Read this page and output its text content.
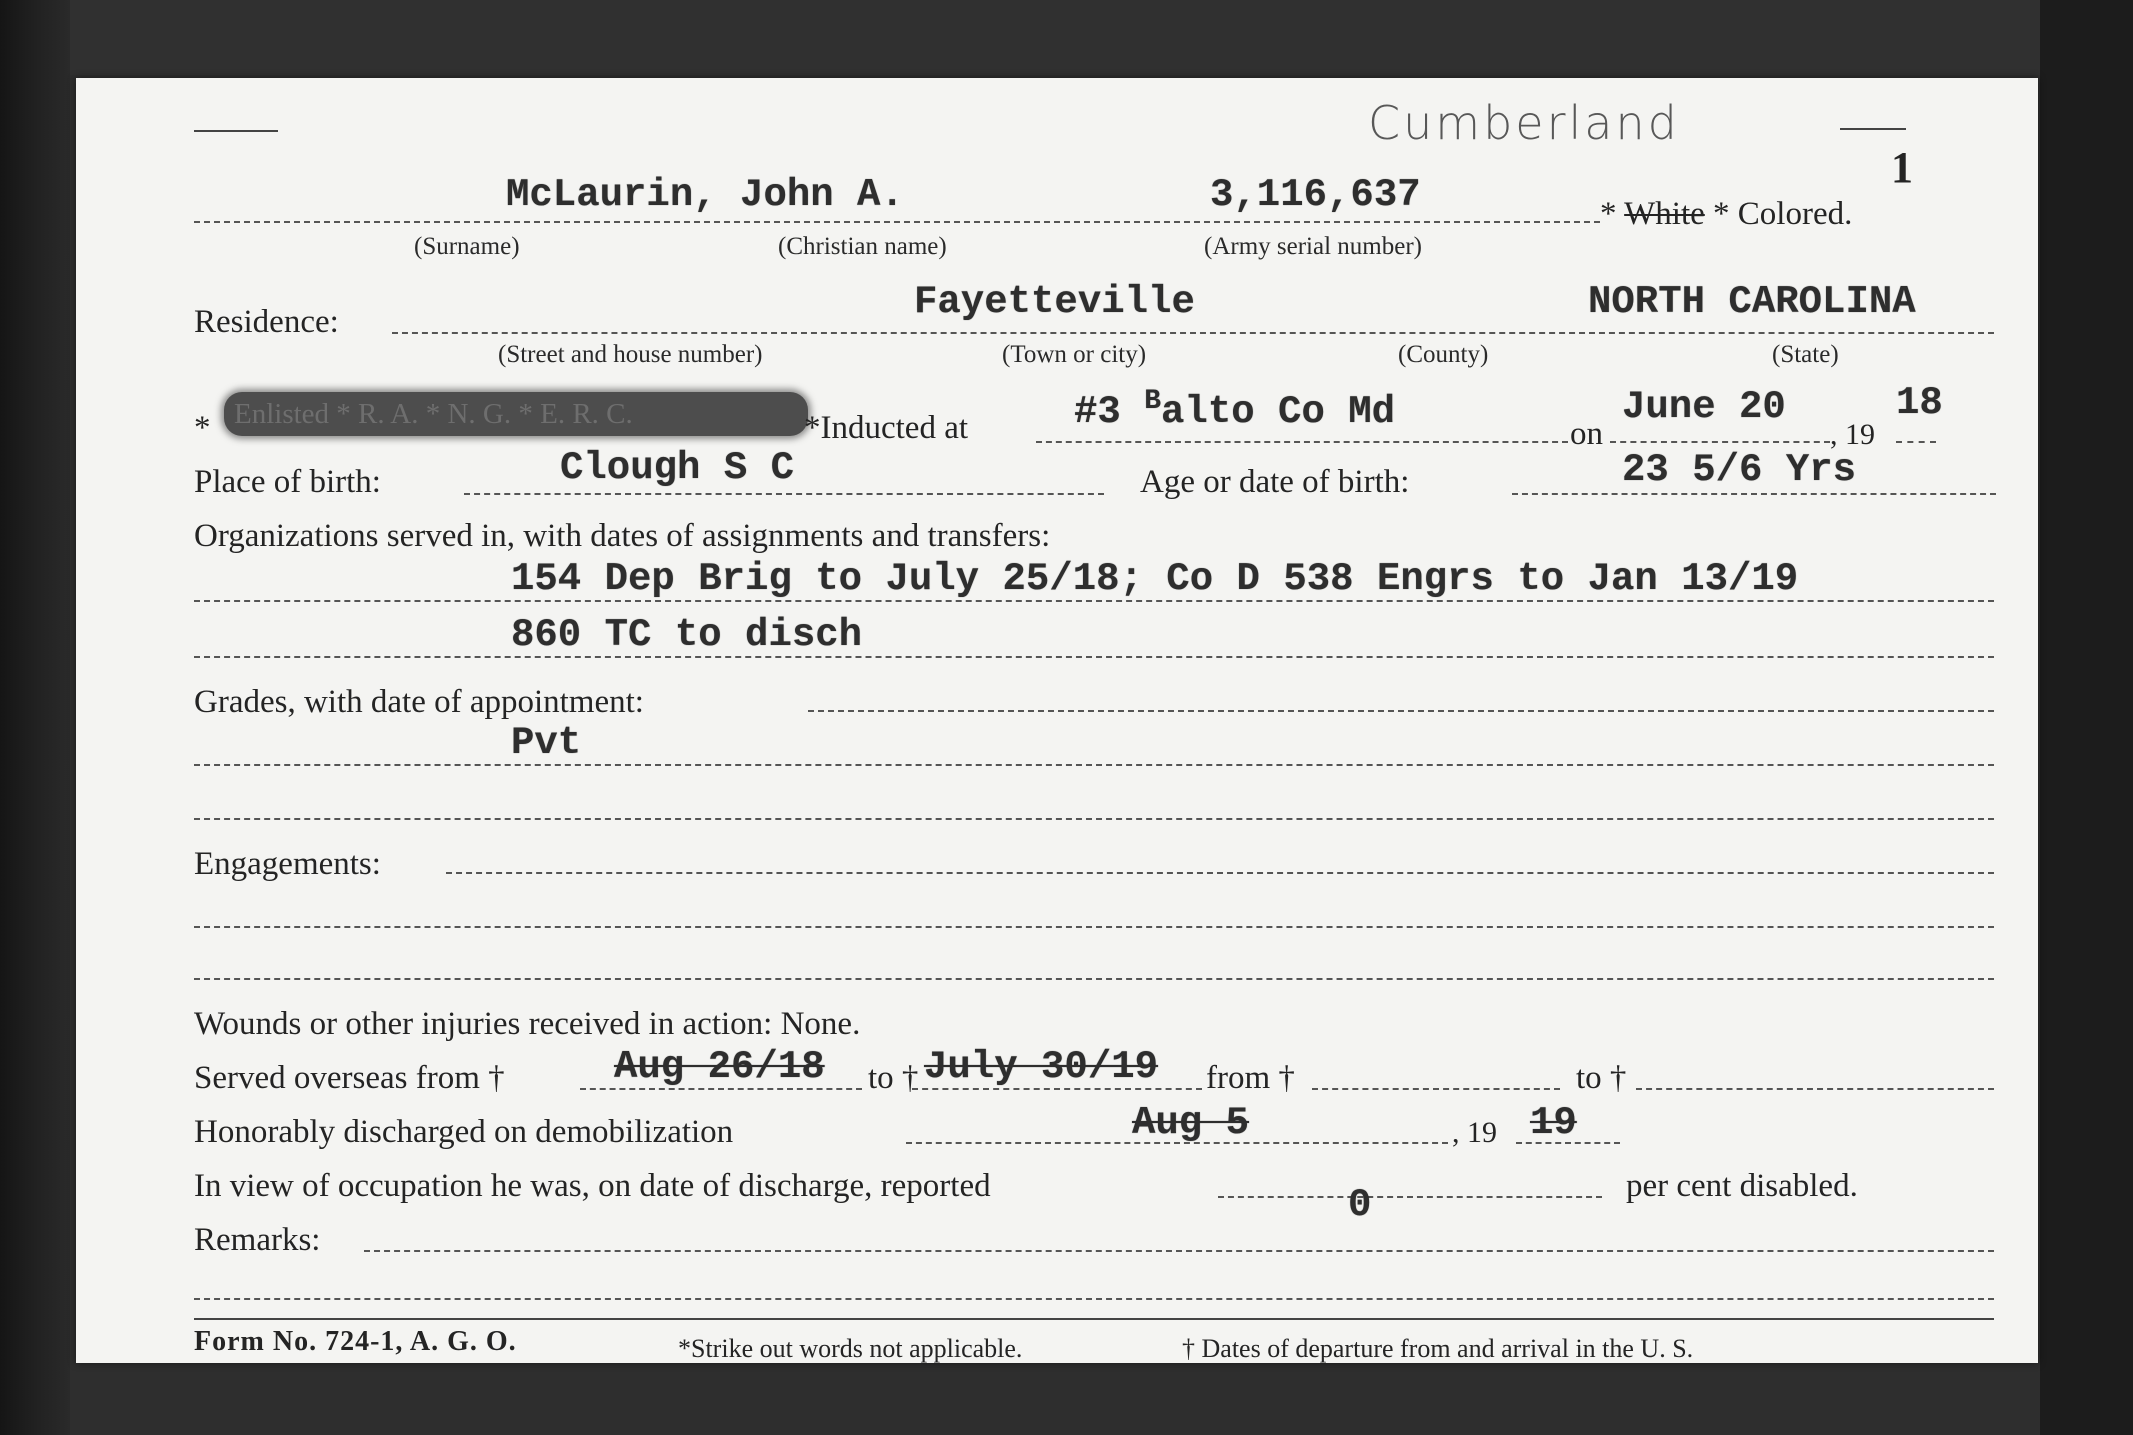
Cumberland
1
McLaurin, John A.	3,116,637	* White * Colored.
(Surname)	(Christian name)	(Army serial number)
Residence:	Fayetteville	NORTH CAROLINA
(Street and house number)	(Town or city)	(County)	(State)
* Enlisted * R. A. * N. G. * E. R. C.	*Inducted at	#3 $^B$alto Co Md	on
June 20
, 19
18
Place of birth:	Clough S C	Age or date of birth:	23 5/6 Yrs
Organizations served in, with dates of assignments and transfers:
154 Dep Brig to July 25/18; Co D 538 Engrs to Jan 13/19
860 TC to disch
Grades, with date of appointment:
Pvt
Engagements:
Wounds or other injuries received in action: None.
Served overseas from †	Aug 26/18 to † July 30/19 from †	to †
Honorably discharged on demobilization	Aug 5	, 19 19
In view of occupation he was, on date of discharge, reported	0	per cent disabled.
Remarks:
Form No. 724-1, A. G. O.	*Strike out words not applicable.	† Dates of departure from and arrival in the U. S.
